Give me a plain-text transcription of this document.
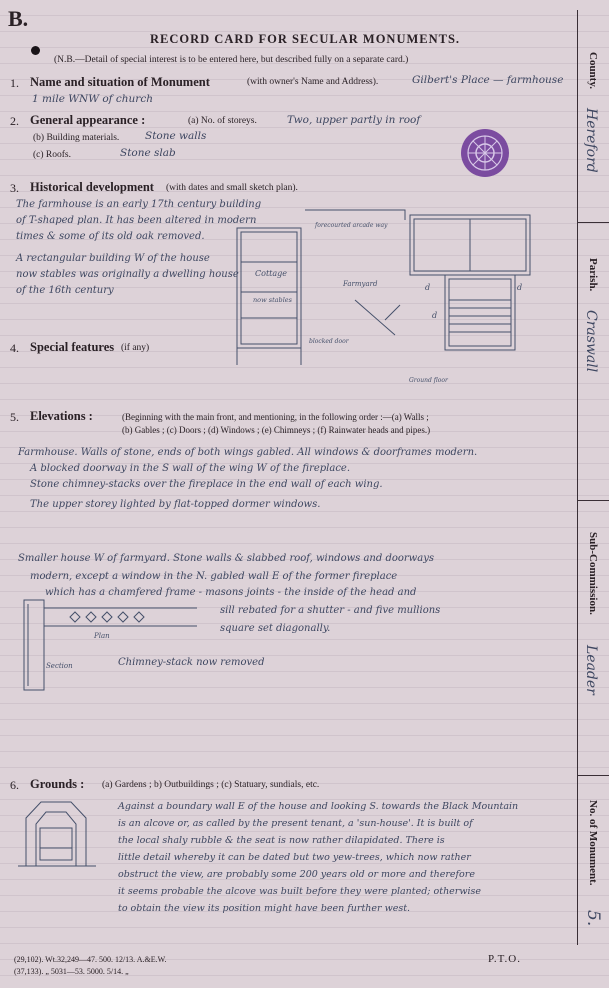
B.
RECORD CARD FOR SECULAR MONUMENTS.
(N.B.—Detail of special interest is to be entered here, but described fully on a separate card.)	County.
Hereford
Parish.
Craswall
Sub-Commission.
Leader
No. of Monument.
5.
1. Name and situation of Monument	(with owner's Name and Address).	Gilbert's Place — farmhouse
1 mile WNW of church
2. General appearance :	(a) No. of storeys.	Two, upper partly in roof
(b) Building materials. Stone walls
(c) Roofs.	Stone slab
3. Historical development (with dates and small sketch plan).
The farmhouse is an early 17th century building
of T-shaped plan. It has been altered in modern
times & some of its old oak removed.
A rectangular building W of the house
now stables was originally a dwelling house
of the 16th century
Cottage
now stables
blocked door
Farmyard
forecourted arcade way
d
d
d
Ground floor
4. Special features (if any)
5. Elevations :	(Beginning with the main front, and mentioning, in the following order :—(a) Walls ;
(b) Gables ; (c) Doors ; (d) Windows ; (e) Chimneys ; (f) Rainwater heads and pipes.)
Farmhouse. Walls of stone, ends of both wings gabled. All windows & doorframes modern.
A blocked doorway in the S wall of the wing W of the fireplace.
Stone chimney-stacks over the fireplace in the end wall of each wing.
The upper storey lighted by flat-topped dormer windows.
Smaller house W of farmyard. Stone walls & slabbed roof, windows and doorways
modern, except a window in the N. gabled wall E of the former fireplace
which has a chamfered frame - masons joints - the inside of the head and
sill rebated for a shutter - and five mullions
square set diagonally.
Plan
Section	Chimney-stack now removed
6. Grounds : (a) Gardens ; b) Outbuildings ; (c) Statuary, sundials, etc.
Against a boundary wall E of the house and looking S. towards the Black Mountain
is an alcove or, as called by the present tenant, a 'sun-house'. It is built of
the local shaly rubble & the seat is now rather dilapidated. There is
little detail whereby it can be dated but two yew-trees, which now rather
obstruct the view, are probably some 200 years old or more and therefore
it seems probable the alcove was built before they were planted; otherwise
to obtain the view its position might have been further west.
(29,102). Wt.32,249—47. 500. 12/13. A.&E.W.
(37,133). „ 5031—53. 5000. 5/14. „
P.T.O.
